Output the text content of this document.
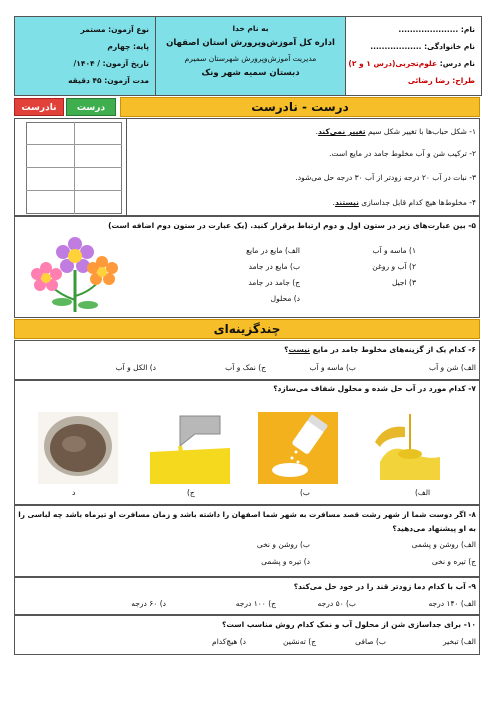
نوع آزمون: مستمر
پایه: چهارم
تاریخ آزمون: / ۱۴۰۴/
مدت آزمون: ۴۵ دقیقه
به نام خدا
اداره کل آموزش‌وپرورش استان اصفهان
مدیریت آموزش‌وپرورش شهرستان سمیرم
دبستان سمیه شهر ونک
نام: .....................
نام خانوادگی: ..................
نام درس: علوم‌تجربی(درس ۱ و ۲)
طراح: رضا رضائی
نادرست	درست	درست - نادرست
۱- شکل حباب‌ها با تغییر شکل سیم تغییر نمی‌کند.
۲- ترکیب شن و آب مخلوط جامد در مایع است.
۳- نبات در آب ۲۰ درجه زودتر از آب ۳۰ درجه حل می‌شود.
۴- مخلوط‌ها هیچ کدام قابل جداسازی نیستند.
۵- بین عبارت‌های زیر در ستون اول و دوم ارتباط برقرار کنید. (یک عبارت در ستون دوم اضافه است)
۱) ماسه و آب
۲) آب و روغن
۳) اجیل
الف) مایع در مایع
ب) مایع در جامد
ج) جامد در جامد
د) محلول
چندگزینه‌ای
۶- کدام یک از گزینه‌های مخلوط جامد در مایع نیست؟
الف) شن و آب
ب) ماسه و آب
ج) نمک و آب
د) الکل و آب
۷- کدام مورد در آب حل شده و محلول شفاف می‌سازد؟
الف)
ب)
ج)
د
۸- اگر دوست شما از شهر رشت قصد مسافرت به شهر شما اصفهان را داشته باشد و زمان مسافرت او تیرماه باشد چه لباسی را
به او پیشنهاد می‌دهید؟
الف) روشن و پشمی
ب) روشن و نخی
ج) تیره و نخی
د) تیره و پشمی
۹- آب با کدام دما زودتر قند را در خود حل می‌کند؟
الف) ۱۴۰ درجه
ب) ۵۰ درجه
ج) ۱۰۰ درجه
د) ۶۰ درجه
۱۰- برای جداسازی شن از محلول آب و نمک کدام روش مناسب است؟
الف) تبخیر
ب) صافی
ج) ته‌نشین
د) هیچ‌کدام
